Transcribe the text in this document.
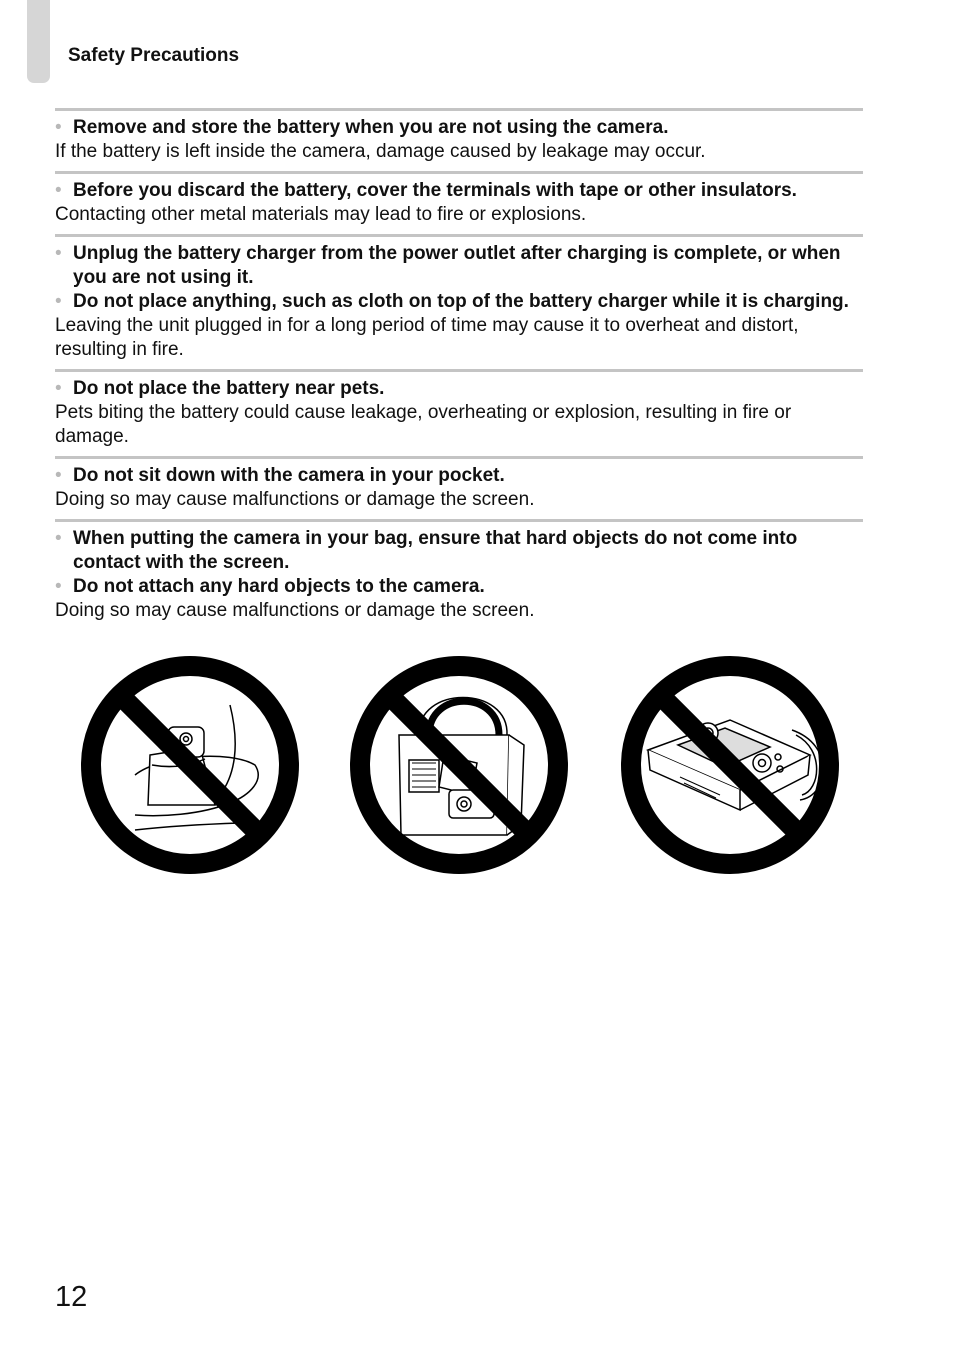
Safety Precautions

• Remove and store the battery when you are not using the camera.

If the battery is left inside the camera, damage caused by leakage may occur.

• Before you discard the battery, cover the terminals with tape or other insulators.

Contacting other metal materials may lead to fire or explosions.

• Unplug the battery charger from the power outlet after charging is complete, or when you are not using it.

• Do not place anything, such as cloth on top of the battery charger while it is charging.

Leaving the unit plugged in for a long period of time may cause it to overheat and distort, resulting in fire.

• Do not place the battery near pets.

Pets biting the battery could cause leakage, overheating or explosion, resulting in fire or damage.

• Do not sit down with the camera in your pocket.

Doing so may cause malfunctions or damage the screen.

• When putting the camera in your bag, ensure that hard objects do not come into contact with the screen.

• Do not attach any hard objects to the camera.

Doing so may cause malfunctions or damage the screen.

12
